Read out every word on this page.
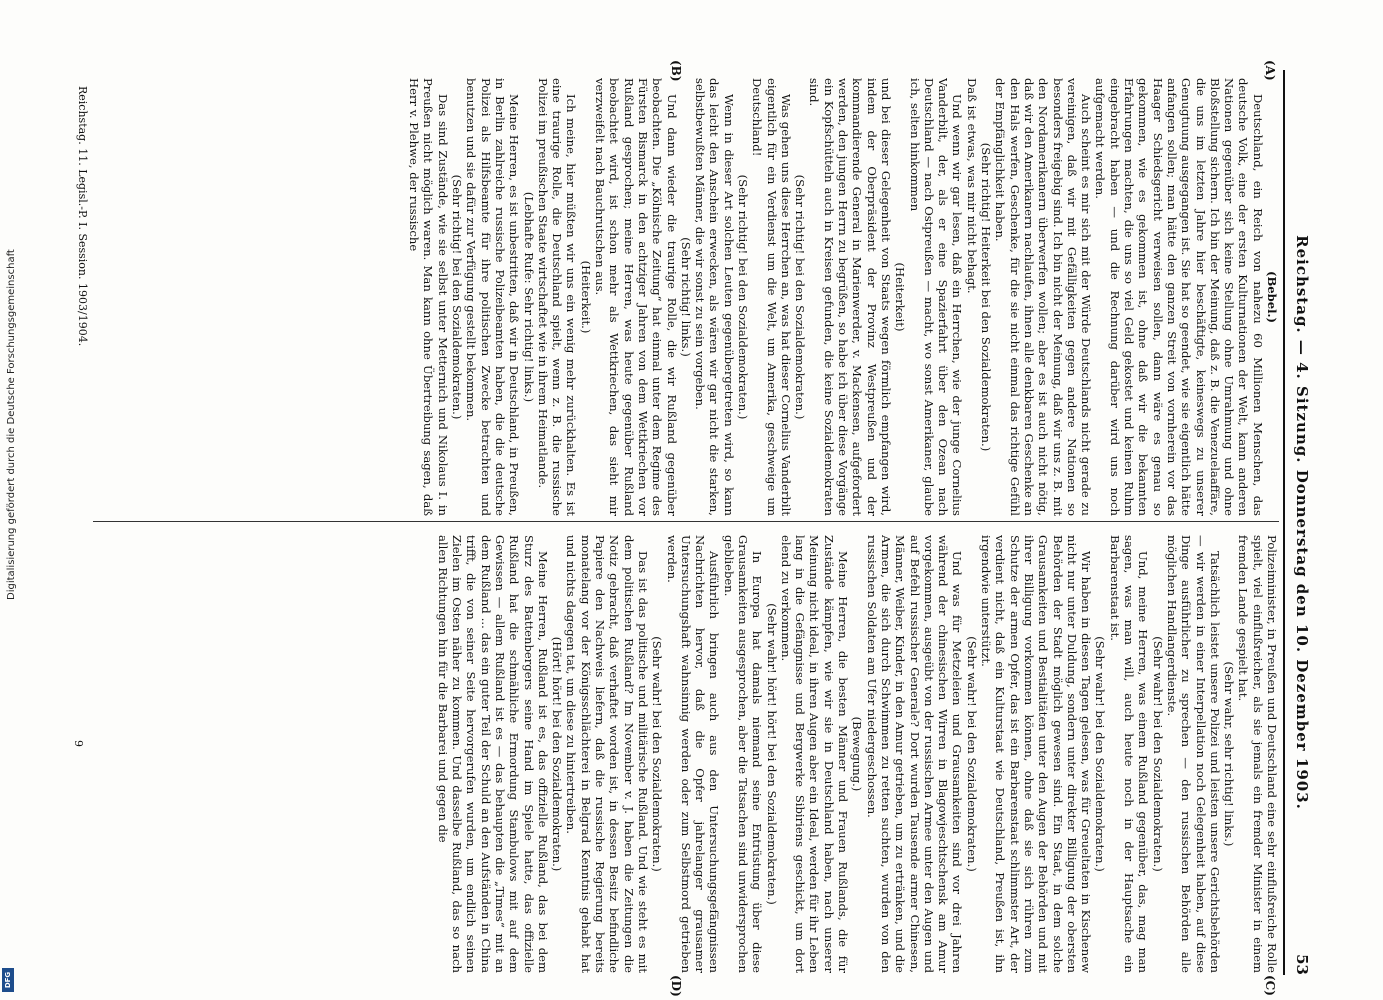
Reichstag. — 4. Sitzung. Donnerstag den 10. Dezember 1903.
53
(A)
(B)
(C)
(D)

(Bebel.)

Deutschland, ein Reich von nahezu 60 Millionen Menschen, das deutsche Volk, eine der ersten Kulturnationen der Welt, kann anderen Nationen gegenüber sich keine Stellung ohne Umrahmung und ohne Bloßstellung sichern. Ich bin der Meinung, daß z. B. die Venezuelaaffäre, die uns im letzten Jahre hier beschäftigte, keineswegs zu unserer Genugtuung ausgegangen ist. Sie hat so geendet, wie sie eigentlich hätte anfangen sollen; man hätte den ganzen Streit von vornherein vor das Haager Schiedsgericht verweisen sollen, dann wäre es genau so gekommen, wie es gekommen ist, ohne daß wir die bekannten Erfahrungen machten, die uns so viel Geld gekostet und keinen Ruhm eingebracht haben — und die Rechnung darüber wird uns noch aufgemacht werden.

Auch scheint es mir sich mit der Würde Deutschlands nicht gerade zu vereinigen, daß wir mit Gefälligkeiten gegen andere Nationen so besonders freigebig sind. Ich bin nicht der Meinung, daß wir uns z. B. mit den Nordamerikanern überwerfen wollen; aber es ist auch nicht nötig, daß wir den Amerikanern nachlaufen, ihnen alle denkbaren Geschenke an den Hals werfen, Geschenke, für die sie nicht einmal das richtige Gefühl der Empfänglichkeit haben.

(Sehr richtig! Heiterkeit bei den Sozialdemokraten.)

Daß ist etwas, was mir nicht behagt.

Und wenn wir gar lesen, daß ein Herrchen, wie der junge Cornelius Vanderbilt, der, als er eine Spazierfahrt über den Ozean nach Deutschland — nach Ostpreußen — macht, wo sonst Amerikaner, glaube ich, selten hinkommen

(Heiterkeit)

und bei dieser Gelegenheit von Staats wegen förmlich empfangen wird, indem der Oberpräsident der Provinz Westpreußen und der kommandierende General in Marienwerder, v. Mackensen, aufgefordert werden, den jungen Herrn zu begrüßen, so habe ich über diese Vorgänge ein Kopfschütteln auch in Kreisen gefunden, die keine Sozialdemokraten sind.

(Sehr richtig! bei den Sozialdemokraten.)

Was gehen uns diese Herrchen an, was hat dieser Cornelius Vanderbilt eigentlich für ein Verdienst um die Welt, um Amerika, geschweige um Deutschland!

(Sehr richtig! bei den Sozialdemokraten.)

Wenn in dieser Art solchen Leuten gegenübergetreten wird, so kann das leicht den Anschein erwecken, als wären wir gar nicht die starken, selbstbewußten Männer, die wir sonst zu sein vorgeben.

(Sehr richtig! links.)

Und dann wieder die traurige Rolle, die wir Rußland gegenüber beobachten. Die „Kölnische Zeitung“ hat einmal unter dem Regime des Fürsten Bismarck in den achtziger Jahren von dem Wettkriechen vor Rußland gesprochen; meine Herren, was heute gegenüber Rußland beobachtet wird, ist schon mehr als Wettkriechen, das sieht mir verzweifelt nach Bauchrutschen aus.

(Heiterkeit.)

Ich meine, hier müßten wir uns ein wenig mehr zurückhalten. Es ist eine traurige Rolle, die Deutschland spielt, wenn z. B. die russische Polizei im preußischen Staate wirtschaftet wie in ihrem Heimatlande.

(Lebhafte Rufe: Sehr richtig! links.)

Meine Herren, es ist unbestritten, daß wir in Deutschland, in Preußen, in Berlin zahlreiche russische Polizeibeamten haben, die die deutsche Polizei als Hilfsbeamte für ihre politischen Zwecke betrachten und benutzen und sie dafür zur Verfügung gestellt bekommen.

(Sehr richtig! bei den Sozialdemokraten.)

Das sind Zustände, wie sie selbst unter Metternich und Nikolaus I. in Preußen nicht möglich waren. Man kann ohne Übertreibung sagen, daß Herr v. Plehwe, der russische

Polizeiminister, in Preußen und Deutschland eine sehr einflußreiche Rolle spielt, viel einflußreicher, als sie jemals ein fremder Minister in einem fremden Lande gespielt hat.

(Sehr wahr, sehr richtig! links.)

Tatsächlich leistet unsere Polizei und leisten unsere Gerichtsbehörden — wir werden in einer Interpellation noch Gelegenheit haben, auf diese Dinge ausführlicher zu sprechen — den russischen Behörden alle möglichen Handlangerdienste.

(Sehr wahr! bei den Sozialdemokraten.)

Und, meine Herren, was einem Rußland gegenüber, das, mag man sagen, was man will, auch heute noch in der Hauptsache ein Barbarenstaat ist.

(Sehr wahr! bei den Sozialdemokraten.)

Wir haben in diesen Tagen gelesen, was für Greueltaten in Kischenew nicht nur unter Duldung, sondern unter direkter Billigung der obersten Behörden der Stadt möglich gewesen sind. Ein Staat, in dem solche Grausamkeiten und Bestialitäten unter den Augen der Behörden und mit ihrer Billigung vorkommen können, ohne daß sie sich rühren zum Schutze der armen Opfer, das ist ein Barbarenstaat schlimmster Art, der verdient nicht, daß ein Kulturstaat wie Deutschland, Preußen ist, ihn irgendwie unterstützt.

(Sehr wahr! bei den Sozialdemokraten.)

Und was für Metzeleien und Grausamkeiten sind vor drei Jahren während der chinesischen Wirren in Blagowjeschtschensk am Amur vorgekommen, ausgeübt von der russischen Armee unter den Augen und auf Befehl russischer Generale? Dort wurden Tausende armer Chinesen, Männer, Weiber, Kinder, in den Amur getrieben, um zu ertränken, und die Armen, die sich durch Schwimmen zu retten suchten, wurden von den russischen Soldaten am Ufer niedergeschossen.

(Bewegung.)

Meine Herren, die besten Männer und Frauen Rußlands, die für Zustände kämpfen, wie wir sie in Deutschland haben, nach unserer Meinung nicht ideal, in ihren Augen aber ein Ideal, werden für ihr Leben lang in die Gefängnisse und Bergwerke Sibiriens geschickt, um dort elend zu verkommen.

(Sehr wahr! hört! hört! bei den Sozialdemokraten.)

In Europa hat damals niemand seine Entrüstung über diese Grausamkeiten ausgesprochen, aber die Tatsachen sind unwidersprochen geblieben.

Ausführlich bringen auch aus den Untersuchungsgefängnissen Nachrichten hervor, daß die Opfer jahrelanger grausamer Untersuchungshaft wahnsinnig werden oder zum Selbstmord getrieben werden.

(Sehr wahr! bei den Sozialdemokraten.)

Das ist das politische und militärische Rußland. Und wie steht es mit dem politischen Rußland? Im November v. J. haben die Zeitungen die Notiz gebracht, daß verhaftet worden ist, in dessen Besitz befindliche Papiere den Nachweis liefern, daß die russische Regierung bereits monatelang vor der Königsschlächterei in Belgrad Kenntnis gehabt hat und nichts dagegen tat, um diese zu hintertreiben.

(Hört! hört! bei den Sozialdemokraten.)

Meine Herren, Rußland ist es, das offizielle Rußland, das bei dem Sturz des Battenbergers seine Hand im Spiele hatte, das offizielle Rußland hat die schmähliche Ermordung Stambulows mit auf dem Gewissen — allem Rußland ist es — das behaupten die „Times“ mit an dem Rußland ... das ein guter Teil der Schuld an den Aufständen in China trifft, die von seiner Seite hervorgerufen wurden, um endlich seinen Zielen im Osten näher zu kommen. Und dasselbe Rußland, das so nach allen Richtungen hin für die Barbarei und gegen die

Reichstag. 11. Legisl.-P. I. Session. 1903/1904.
9
Digitalisierung gefördert durch die Deutsche Forschungsgemeinschaft
DFG
